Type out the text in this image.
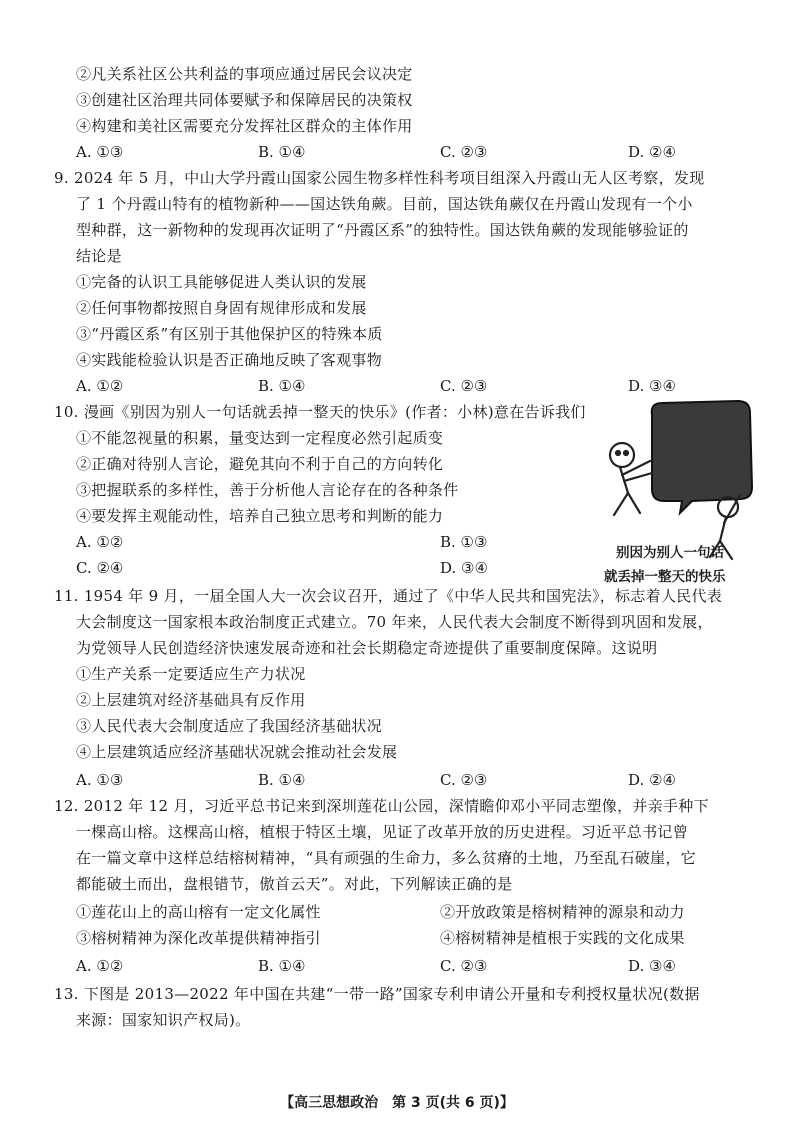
②凡关系社区公共利益的事项应通过居民会议决定
③创建社区治理共同体要赋予和保障居民的决策权
④构建和美社区需要充分发挥社区群众的主体作用
A. ①③	B. ①④	C. ②③	D. ②④
9. 2024 年 5 月，中山大学丹霞山国家公园生物多样性科考项目组深入丹霞山无人区考察，发现
了 1 个丹霞山特有的植物新种——国达铁角蕨。目前，国达铁角蕨仅在丹霞山发现有一个小
型种群，这一新物种的发现再次证明了“丹霞区系”的独特性。国达铁角蕨的发现能够验证的
结论是
①完备的认识工具能够促进人类认识的发展
②任何事物都按照自身固有规律形成和发展
③“丹霞区系”有区别于其他保护区的特殊本质
④实践能检验认识是否正确地反映了客观事物
A. ①②	B. ①④	C. ②③	D. ③④
10. 漫画《别因为别人一句话就丢掉一整天的快乐》(作者：小林)意在告诉我们
①不能忽视量的积累，量变达到一定程度必然引起质变
②正确对待别人言论，避免其向不利于自己的方向转化
③把握联系的多样性，善于分析他人言论存在的各种条件
④要发挥主观能动性，培养自己独立思考和判断的能力
A. ①②	B. ①③
C. ②④	D. ③④
别因为别人一句话
就丢掉一整天的快乐
11. 1954 年 9 月，一届全国人大一次会议召开，通过了《中华人民共和国宪法》，标志着人民代表
大会制度这一国家根本政治制度正式建立。70 年来，人民代表大会制度不断得到巩固和发展，
为党领导人民创造经济快速发展奇迹和社会长期稳定奇迹提供了重要制度保障。这说明
①生产关系一定要适应生产力状况
②上层建筑对经济基础具有反作用
③人民代表大会制度适应了我国经济基础状况
④上层建筑适应经济基础状况就会推动社会发展
A. ①③	B. ①④	C. ②③	D. ②④
12. 2012 年 12 月，习近平总书记来到深圳莲花山公园，深情瞻仰邓小平同志塑像，并亲手种下
一棵高山榕。这棵高山榕，植根于特区土壤，见证了改革开放的历史进程。习近平总书记曾
在一篇文章中这样总结榕树精神，“具有顽强的生命力，多么贫瘠的土地，乃至乱石破崖，它
都能破土而出，盘根错节，傲首云天”。对此，下列解读正确的是
①莲花山上的高山榕有一定文化属性	②开放政策是榕树精神的源泉和动力
③榕树精神为深化改革提供精神指引	④榕树精神是植根于实践的文化成果
A. ①②	B. ①④	C. ②③	D. ③④
13. 下图是 2013—2022 年中国在共建“一带一路”国家专利申请公开量和专利授权量状况(数据
来源：国家知识产权局)。
【高三思想政治　第 3 页(共 6 页)】
